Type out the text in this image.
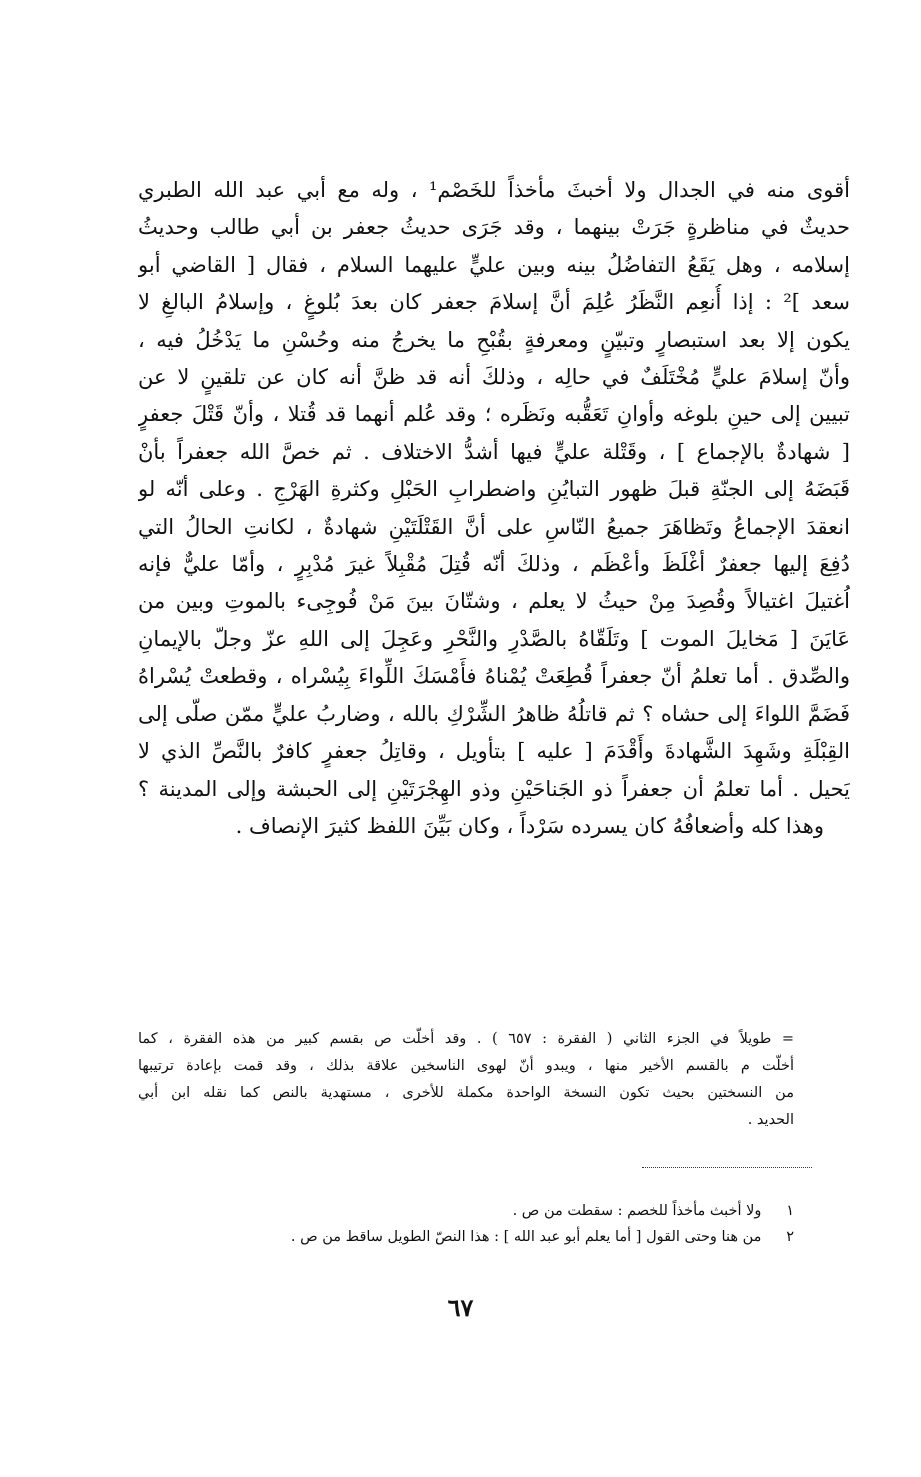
أقوى منه في الجدال ولا أخبثَ مأخذاً للخَصْم¹ ، وله مع أبي عبد الله الطبري
حديثٌ في مناظرةٍ جَرَتْ بينهما ، وقد جَرَى حديثُ جعفر بن أبي طالب وحديثُ
إسلامه ، وهل يَقَعُ التفاضُلُ بينه وبين عليٍّ عليهما السلام ، فقال [ القاضي أبو
سعد ]² : إذا أُنعِم النَّظَرُ عُلِمَ أنَّ إسلامَ جعفر كان بعدَ بُلوغٍ ، وإسلامُ البالغِ لا
يكون إلا بعد استبصارٍ وتبيّنٍ ومعرفةٍ بقُبْحِ ما يخرجُ منه وحُسْنِ ما يَدْخُلُ فيه ،
وأنّ إسلامَ عليٍّ مُخْتَلَفٌ في حالِه ، وذلكَ أنه قد ظنَّ أنه كان عن تلقينٍ لا عن
تبيين إلى حينِ بلوغه وأوانِ تَعَقُّبه ونَظَره ؛ وقد عُلم أنهما قد قُتلا ، وأنّ قَتْلَ جعفرٍ
[ شهادةٌ بالإجماع ] ، وقَتْلة عليٍّ فيها أشدُّ الاختلاف . ثم خصَّ الله جعفراً بأنْ
قَبَضَهُ إلى الجنّةِ قبلَ ظهور التبايُنِ واضطرابِ الحَبْلِ وكثرةِ الهَرْجِ . وعلى أنّه لو
انعقدَ الإجماعُ وتَظاهَرَ جميعُ النّاسِ على أنَّ القَتْلَتَيْنِ شهادةٌ ، لكانتِ الحالُ التي
دُفِعَ إليها جعفرٌ أغْلَظَ وأعْظَم ، وذلكَ أنّه قُتِلَ مُقْبِلاً غيرَ مُدْبِرٍ ، وأمّا عليٌّ فإنه
اُغتيلَ اغتيالاً وقُصِدَ مِنْ حيثُ لا يعلم ، وشتّانَ بينَ مَنْ فُوجِىء بالموتِ وبين من
عَايَنَ [ مَخايلَ الموت ] وتَلَقّاهُ بالصَّدْرِ والنَّحْرِ وعَجِلَ إلى اللهِ عزّ وجلّ بالإيمانِ
والصِّدق . أما تعلمُ أنّ جعفراً قُطِعَتْ يُمْناهُ فأَمْسَكَ اللِّواءَ بِيُسْراه ، وقطعتْ يُسْراهُ
فَضَمَّ اللواءَ إلى حشاه ؟ ثم قاتلُهُ ظاهرُ الشِّرْكِ بالله ، وضاربُ عليٍّ ممّن صلّى إلى
القِبْلَةِ وشَهِدَ الشَّهادةَ وأَقْدَمَ [ عليه ] بتأويل ، وقاتِلُ جعفرٍ كافرٌ بالنَّصِّ الذي لا
يَحيل . أما تعلمُ أن جعفراً ذو الجَناحَيْنِ وذو الهِجْرَتَيْنِ إلى الحبشة وإلى المدينة ؟
وهذا كله وأضعافُهُ كان يسرده سَرْداً ، وكان بَيِّنَ اللفظ كثيرَ الإنصاف .
= طويلاً في الجزء الثاني ( الفقرة : ٦٥٧ ) . وقد أخلّت ص بقسم كبير من هذه الفقرة ، كما
أخلّت م بالقسم الأخير منها ، ويبدو أنّ لهوى الناسخين علاقة بذلك ، وقد قمت بإعادة ترتيبها
من النسختين بحيث تكون النسخة الواحدة مكملة للأخرى ، مستهدية بالنص كما نقله ابن أبي
الحديد .
١ ولا أخبث مأخذاً للخصم : سقطت من ص .
٢ من هنا وحتى القول [ أما يعلم أبو عبد الله ] : هذا النصّ الطويل ساقط من ص .
٦٧
